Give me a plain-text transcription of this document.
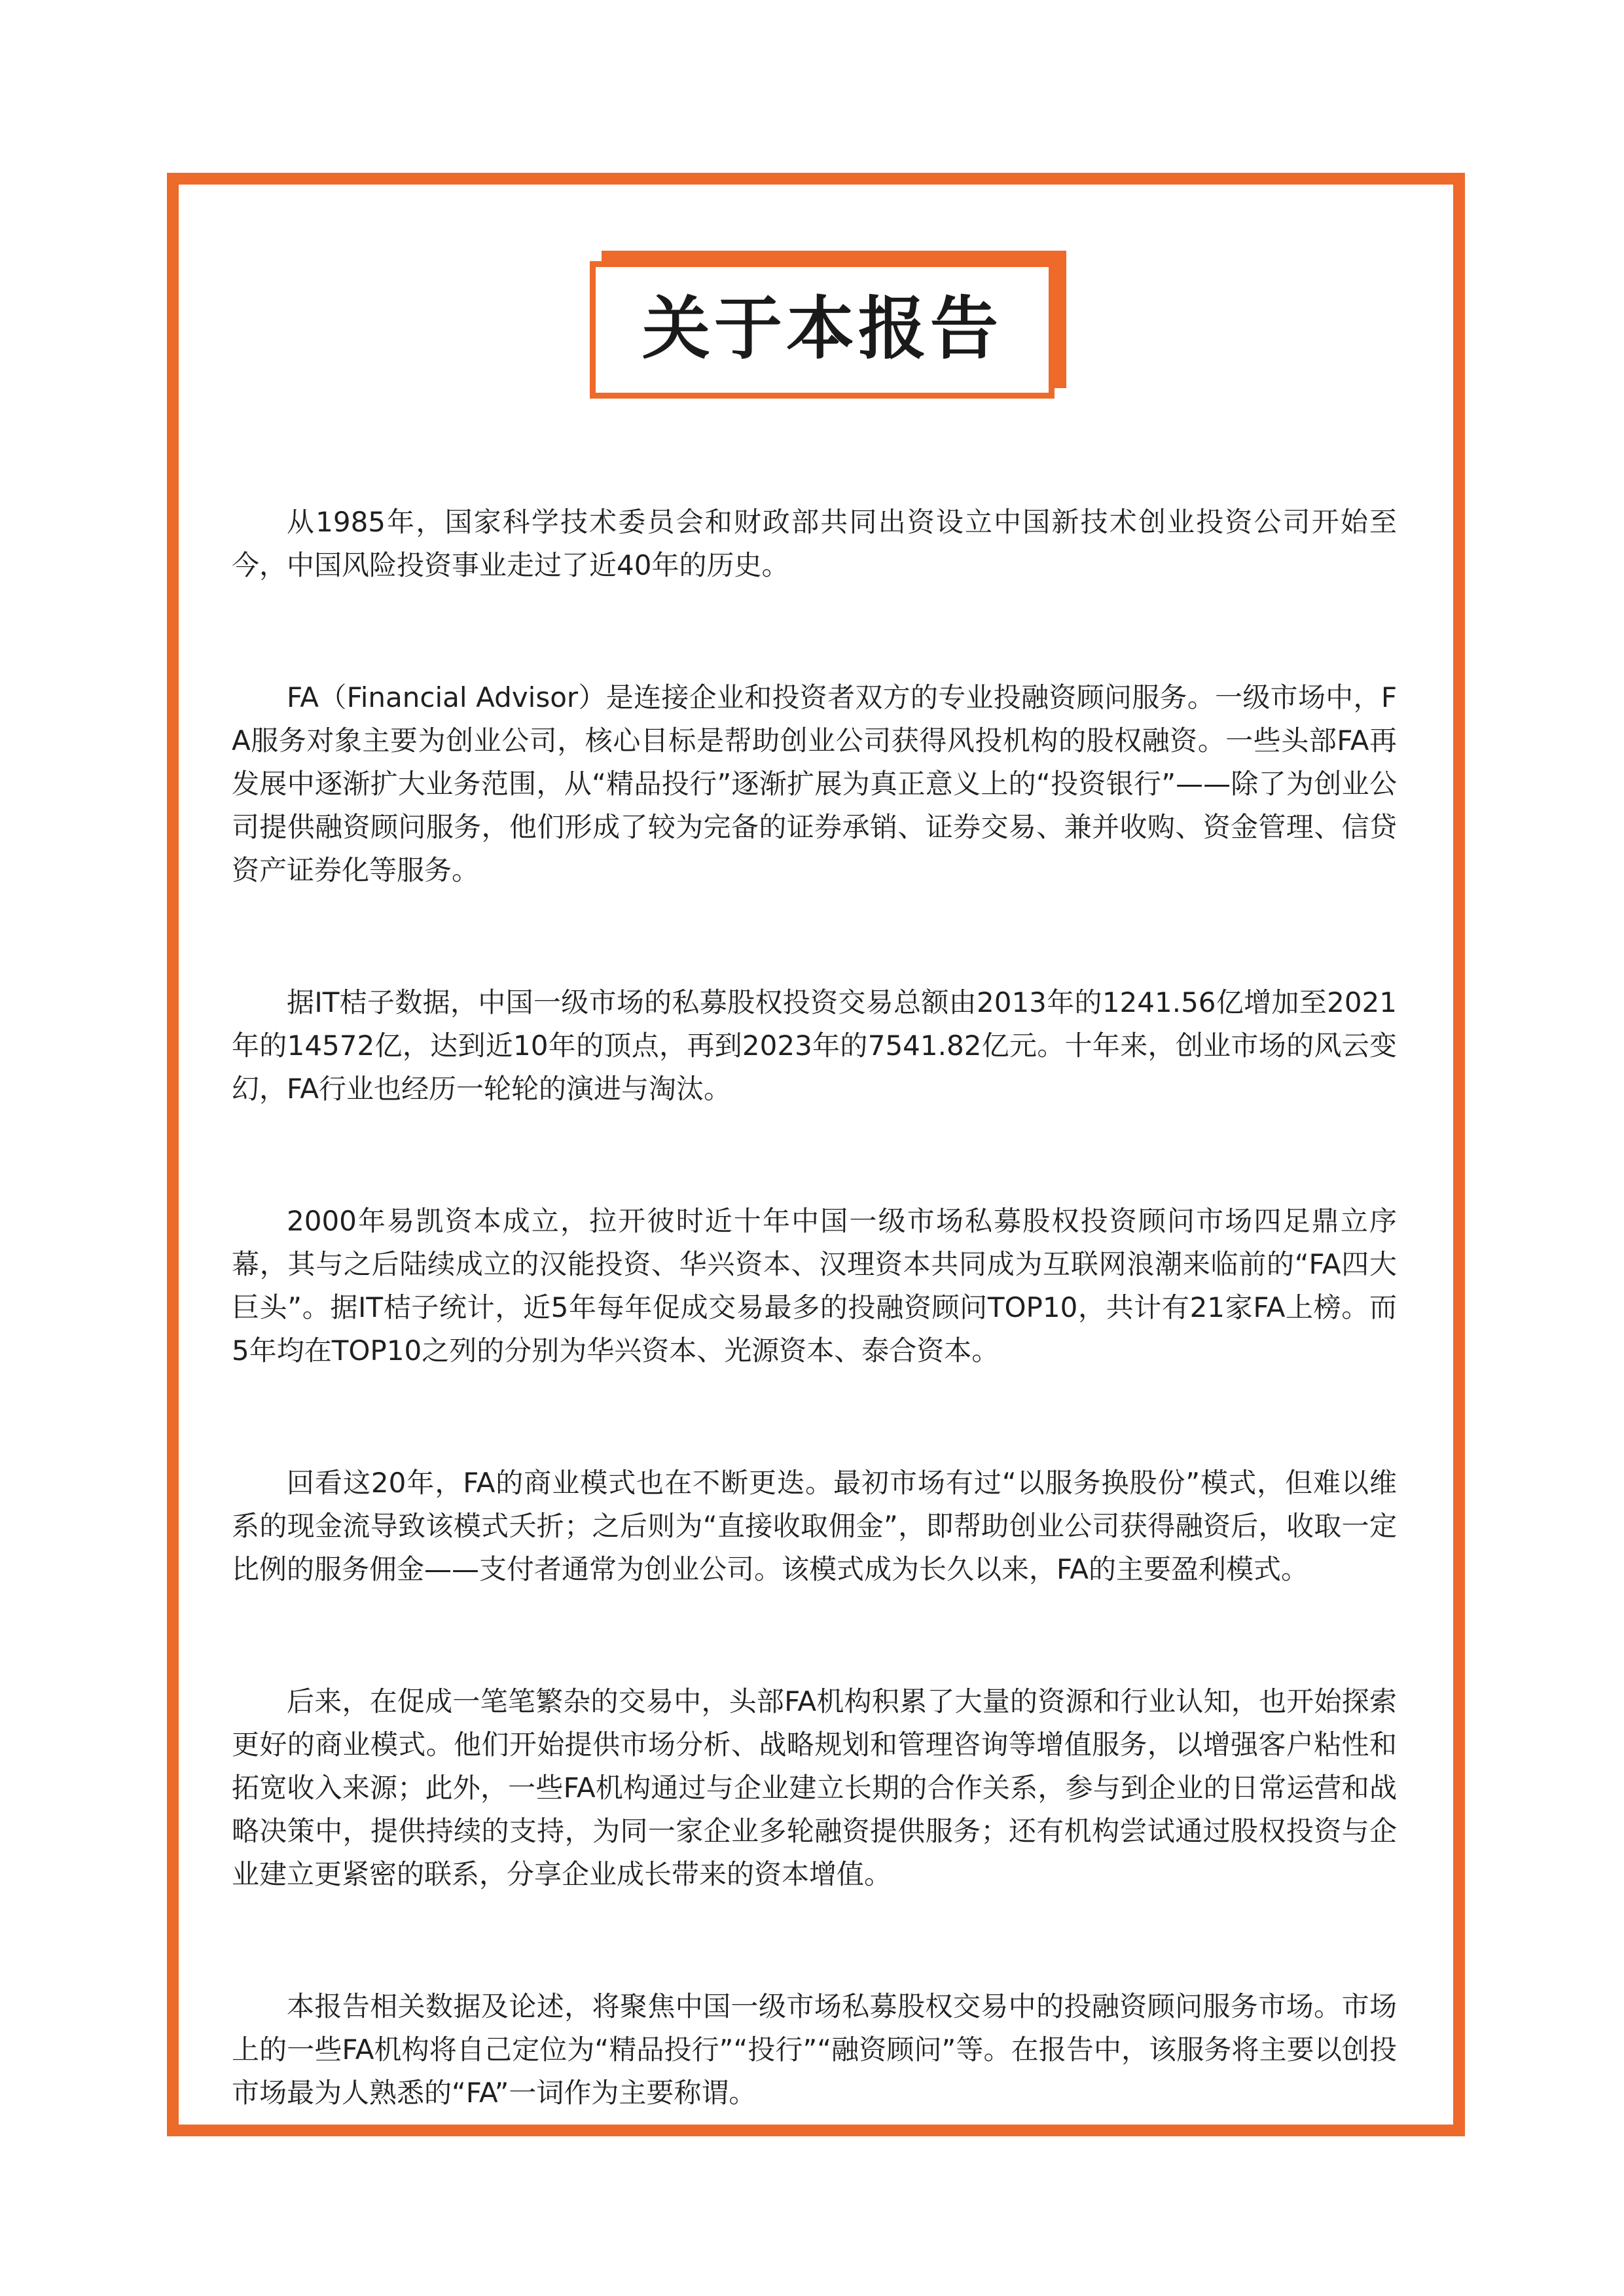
关于本报告

从1985年，国家科学技术委员会和财政部共同出资设立中国新技术创业投资公司开始至今，中国风险投资事业走过了近40年的历史。

FA（Financial Advisor）是连接企业和投资者双方的专业投融资顾问服务。一级市场中，FA服务对象主要为创业公司，核心目标是帮助创业公司获得风投机构的股权融资。一些头部FA再发展中逐渐扩大业务范围，从“精品投行”逐渐扩展为真正意义上的“投资银行”——除了为创业公司提供融资顾问服务，他们形成了较为完备的证券承销、证券交易、兼并收购、资金管理、信贷资产证券化等服务。

据IT桔子数据，中国一级市场的私募股权投资交易总额由2013年的1241.56亿增加至2021年的14572亿，达到近10年的顶点，再到2023年的7541.82亿元。十年来，创业市场的风云变幻，FA行业也经历一轮轮的演进与淘汰。

2000年易凯资本成立，拉开彼时近十年中国一级市场私募股权投资顾问市场四足鼎立序幕，其与之后陆续成立的汉能投资、华兴资本、汉理资本共同成为互联网浪潮来临前的“FA四大巨头”。据IT桔子统计，近5年每年促成交易最多的投融资顾问TOP10，共计有21家FA上榜。而5年均在TOP10之列的分别为华兴资本、光源资本、泰合资本。

回看这20年，FA的商业模式也在不断更迭。最初市场有过“以服务换股份”模式，但难以维系的现金流导致该模式夭折；之后则为“直接收取佣金”，即帮助创业公司获得融资后，收取一定比例的服务佣金——支付者通常为创业公司。该模式成为长久以来，FA的主要盈利模式。

后来，在促成一笔笔繁杂的交易中，头部FA机构积累了大量的资源和行业认知，也开始探索更好的商业模式。他们开始提供市场分析、战略规划和管理咨询等增值服务，以增强客户粘性和拓宽收入来源；此外，一些FA机构通过与企业建立长期的合作关系，参与到企业的日常运营和战略决策中，提供持续的支持，为同一家企业多轮融资提供服务；还有机构尝试通过股权投资与企业建立更紧密的联系，分享企业成长带来的资本增值。

本报告相关数据及论述，将聚焦中国一级市场私募股权交易中的投融资顾问服务市场。市场上的一些FA机构将自己定位为“精品投行”“投行”“融资顾问”等。在报告中，该服务将主要以创投市场最为人熟悉的“FA”一词作为主要称谓。
